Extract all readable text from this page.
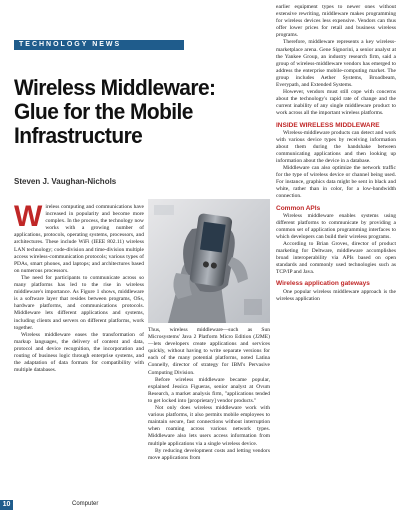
TECHNOLOGY NEWS
Wireless Middleware: Glue for the Mobile Infrastructure
Steven J. Vaughan-Nichols
W ireless computing and communications have increased in popularity and become more complex. In the process, the technology now works with a growing number of applications, protocols, operating systems, processors, and architectures. These include WiFi (IEEE 802.11) wireless LAN technology; code-division and time-division multiple access wireless-communication protocols; various types of PDAs, smart phones, and laptops; and architectures based on numerous processors.

The need for participants to communicate across so many platforms has led to the rise in wireless middleware's importance. As Figure 1 shows, middleware is a software layer that resides between programs, OSs, hardware platforms, and communications protocols. Middleware lets different applications and systems, including clients and servers on different platforms, work together.

Wireless middleware eases the transformation of markup languages, the delivery of content and data, protocol and device recognition, the incorporation and routing of business logic through enterprise systems, and the adaptation of data formats for compatibility with multiple databases.

Thus, wireless middleware—such as Sun Microsystems' Java 2 Platform Micro Edition (J2ME)—lets developers create applications and services quickly, without having to write separate versions for each of the many potential platforms, noted Latina Connelly, director of strategy for IBM's Pervasive Computing Division.

Before wireless middleware became popular, explained Jessica Figueras, senior analyst at Ovum Research, a market analysis firm, "applications tended to get locked into [proprietary] vendor products."

Not only does wireless middleware work with various platforms, it also permits mobile employees to maintain secure, fast connections without interruption when roaming across various network types. Middleware also lets users access information from multiple applications via a single wireless device.

By reducing development costs and letting vendors move applications from

earlier equipment types to newer ones without extensive rewriting, middleware makes programming for wireless devices less expensive. Vendors can thus offer lower prices for retail and business wireless programs.

Therefore, middleware represents a key wireless-marketplace arena. Gene Signorini, a senior analyst at the Yankee Group, an industry research firm, said a group of wireless-middleware vendors has emerged to address the enterprise mobile-computing market. The group includes Aether Systems, Broadbeam, Everypath, and Extended Systems.

However, vendors must still cope with concerns about the technology's rapid rate of change and the current inability of any single middleware product to work across all the important wireless platforms.

INSIDE WIRELESS MIDDLEWARE

Wireless-middleware products can detect and work with various device types by receiving information about them during the handshake between communicating applications and then looking up information about the device in a database.

Middleware can also optimize the network traffic for the type of wireless device or channel being used. For instance, graphics data might be sent in black and white, rather than in color, for a low-bandwidth connection.

Common APIs

Wireless middleware enables systems using different platforms to communicate by providing a common set of application programming interfaces to which developers can build their wireless programs.

According to Brian Groves, director of product marketing for Deltware, middleware accomplishes broad interoperability via APIs based on open standards and commonly used technologies such as TCP/IP and Java.

Wireless application gateways

One popular wireless middleware approach is the wireless application

10	Computer
